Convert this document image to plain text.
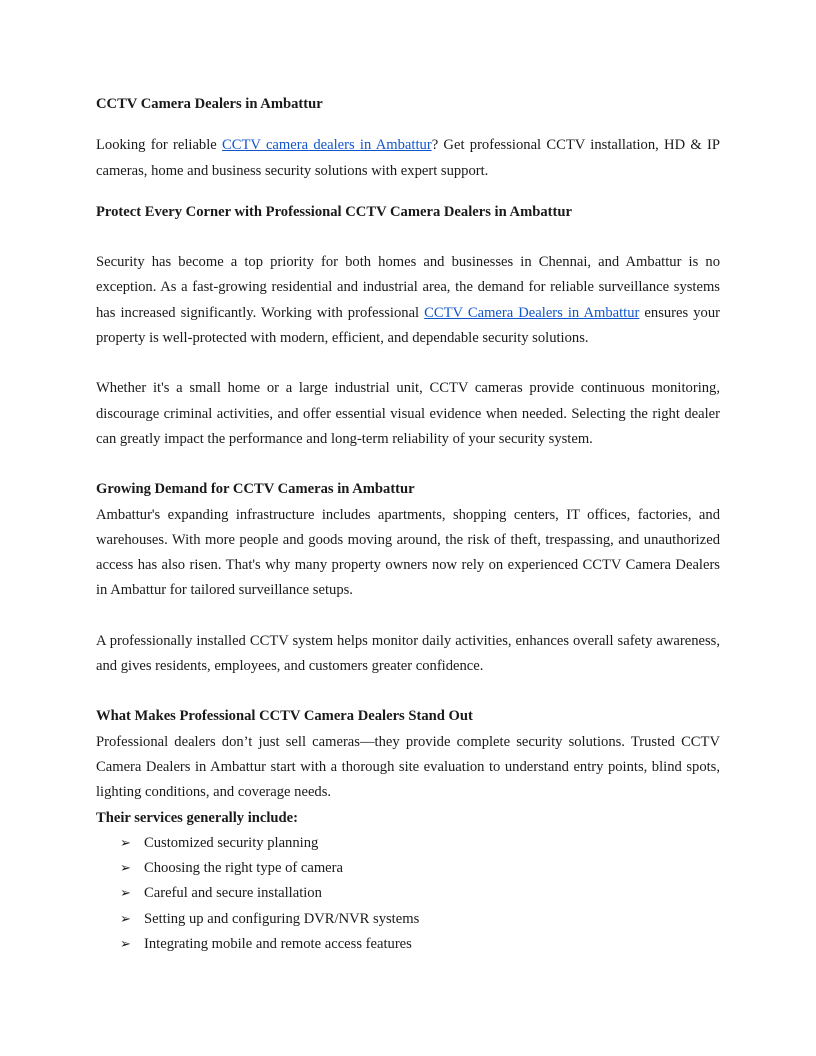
CCTV Camera Dealers in Ambattur

Looking for reliable CCTV camera dealers in Ambattur? Get professional CCTV installation, HD & IP cameras, home and business security solutions with expert support.

Protect Every Corner with Professional CCTV Camera Dealers in Ambattur

Security has become a top priority for both homes and businesses in Chennai, and Ambattur is no exception. As a fast-growing residential and industrial area, the demand for reliable surveillance systems has increased significantly. Working with professional CCTV Camera Dealers in Ambattur ensures your property is well-protected with modern, efficient, and dependable security solutions.

Whether it's a small home or a large industrial unit, CCTV cameras provide continuous monitoring, discourage criminal activities, and offer essential visual evidence when needed. Selecting the right dealer can greatly impact the performance and long-term reliability of your security system.

Growing Demand for CCTV Cameras in Ambattur

Ambattur's expanding infrastructure includes apartments, shopping centers, IT offices, factories, and warehouses. With more people and goods moving around, the risk of theft, trespassing, and unauthorized access has also risen. That's why many property owners now rely on experienced CCTV Camera Dealers in Ambattur for tailored surveillance setups.

A professionally installed CCTV system helps monitor daily activities, enhances overall safety awareness, and gives residents, employees, and customers greater confidence.

What Makes Professional CCTV Camera Dealers Stand Out

Professional dealers don’t just sell cameras—they provide complete security solutions. Trusted CCTV Camera Dealers in Ambattur start with a thorough site evaluation to understand entry points, blind spots, lighting conditions, and coverage needs.

Their services generally include:

➢ Customized security planning
➢ Choosing the right type of camera
➢ Careful and secure installation
➢ Setting up and configuring DVR/NVR systems
➢ Integrating mobile and remote access features
